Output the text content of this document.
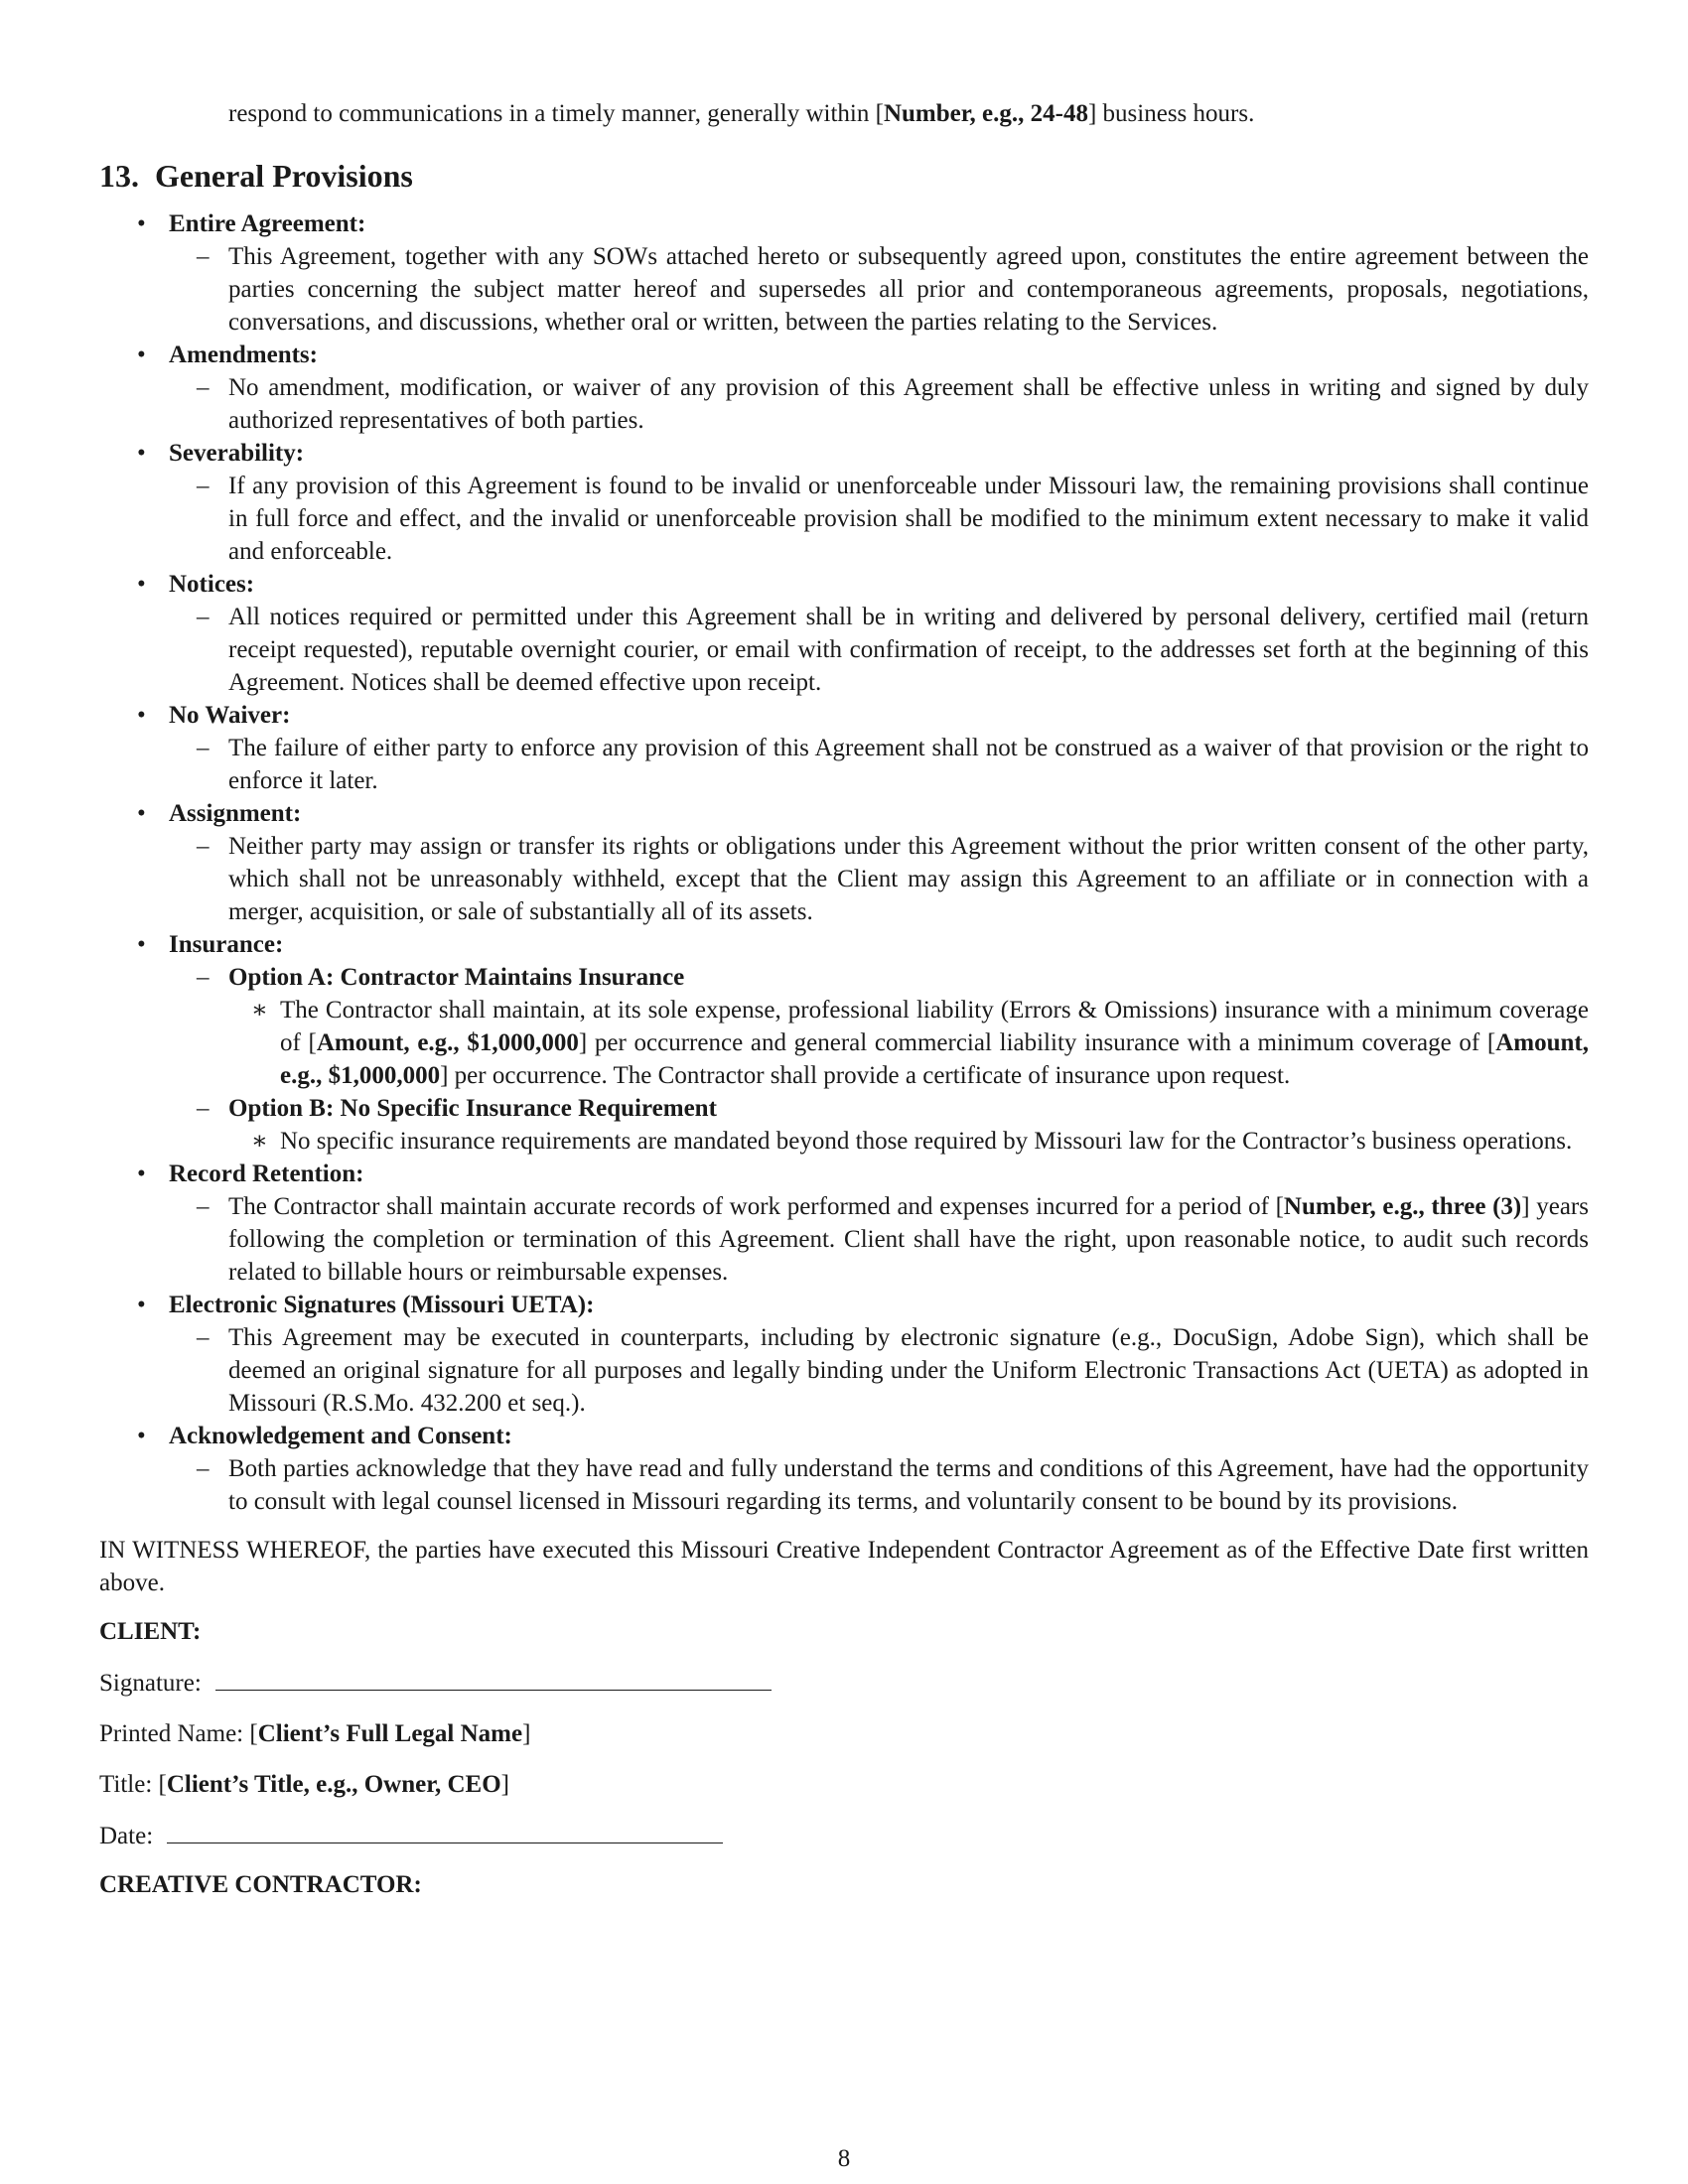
respond to communications in a timely manner, generally within [Number, e.g., 24-48] business hours.

13. General Provisions
• Entire Agreement:
– This Agreement, together with any SOWs attached hereto or subsequently agreed upon, constitutes the entire agreement between the parties concerning the subject matter hereof and supersedes all prior and contemporaneous agreements, proposals, negotiations, conversations, and discussions, whether oral or written, between the parties relating to the Services.

• Amendments:
– No amendment, modification, or waiver of any provision of this Agreement shall be effective unless in writing and signed by duly authorized representatives of both parties.

• Severability:
– If any provision of this Agreement is found to be invalid or unenforceable under Missouri law, the remaining provisions shall continue in full force and effect, and the invalid or unenforceable provision shall be modified to the minimum extent necessary to make it valid and enforceable.

• Notices:
– All notices required or permitted under this Agreement shall be in writing and delivered by personal delivery, certified mail (return receipt requested), reputable overnight courier, or email with confirmation of receipt, to the addresses set forth at the beginning of this Agreement. Notices shall be deemed effective upon receipt.

• No Waiver:
– The failure of either party to enforce any provision of this Agreement shall not be construed as a waiver of that provision or the right to enforce it later.

• Assignment:
– Neither party may assign or transfer its rights or obligations under this Agreement without the prior written consent of the other party, which shall not be unreasonably withheld, except that the Client may assign this Agreement to an affiliate or in connection with a merger, acquisition, or sale of substantially all of its assets.

• Insurance:
– Option A: Contractor Maintains Insurance
∗ The Contractor shall maintain, at its sole expense, professional liability (Errors & Omissions) insurance with a minimum coverage of [Amount, e.g., $1,000,000] per occurrence and general commercial liability insurance with a minimum coverage of [Amount, e.g., $1,000,000] per occurrence. The Contractor shall provide a certificate of insurance upon request.

– Option B: No Specific Insurance Requirement
∗ No specific insurance requirements are mandated beyond those required by Missouri law for the Contractor’s business operations.

• Record Retention:
– The Contractor shall maintain accurate records of work performed and expenses incurred for a period of [Number, e.g., three (3)] years following the completion or termination of this Agreement. Client shall have the right, upon reasonable notice, to audit such records related to billable hours or reimbursable expenses.

• Electronic Signatures (Missouri UETA):
– This Agreement may be executed in counterparts, including by electronic signature (e.g., DocuSign, Adobe Sign), which shall be deemed an original signature for all purposes and legally binding under the Uniform Electronic Transactions Act (UETA) as adopted in Missouri (R.S.Mo. 432.200 et seq.).

• Acknowledgement and Consent:
– Both parties acknowledge that they have read and fully understand the terms and conditions of this Agreement, have had the opportunity to consult with legal counsel licensed in Missouri regarding its terms, and voluntarily consent to be bound by its provisions.

IN WITNESS WHEREOF, the parties have executed this Missouri Creative Independent Contractor Agreement as of the Effective Date first written above.

CLIENT:
Signature:
Printed Name: [Client’s Full Legal Name]
Title: [Client’s Title, e.g., Owner, CEO]
Date:
CREATIVE CONTRACTOR:
8
